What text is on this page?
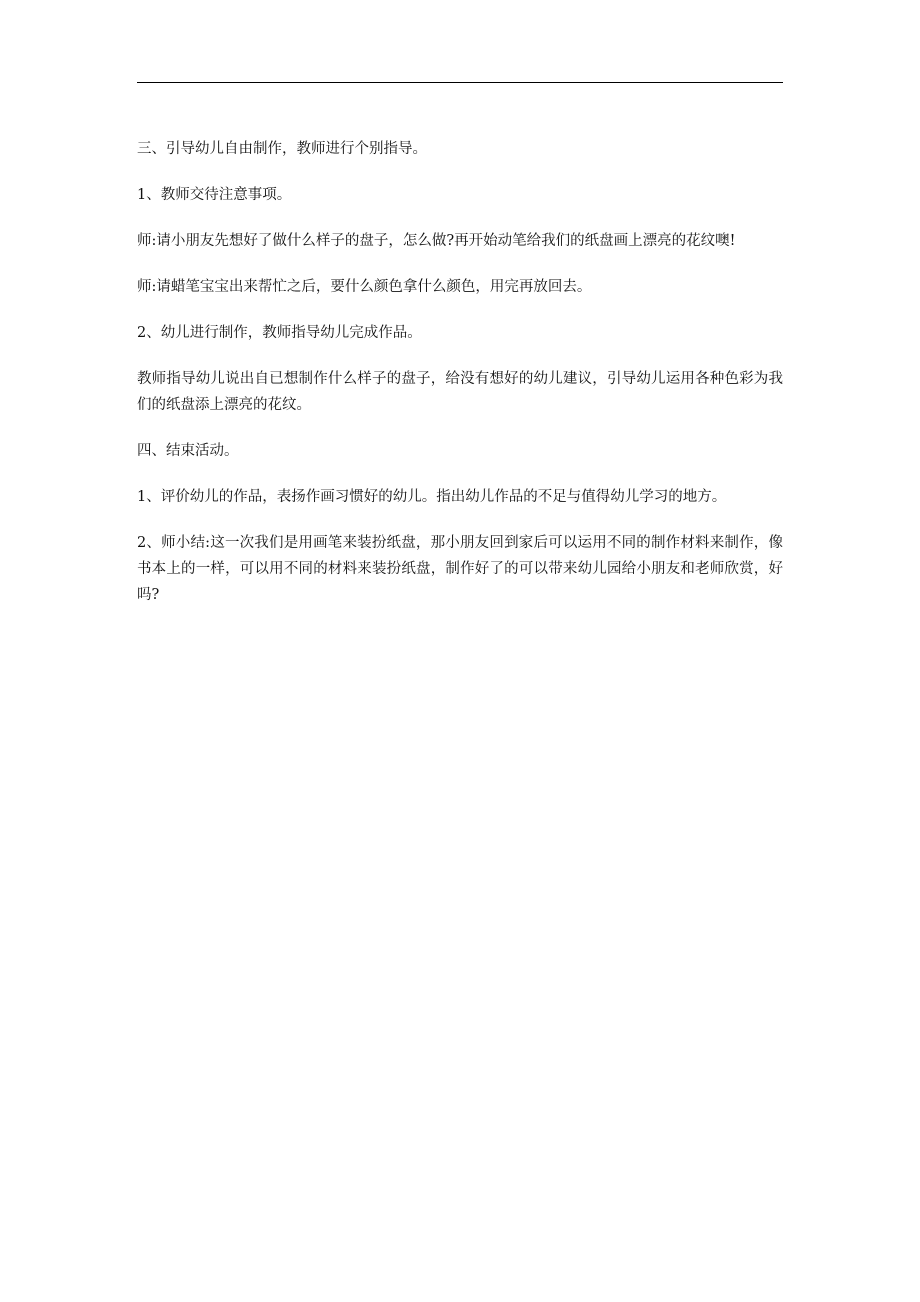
三、引导幼儿自由制作，教师进行个别指导。

1、教师交待注意事项。

师:请小朋友先想好了做什么样子的盘子，怎么做?再开始动笔给我们的纸盘画上漂亮的花纹噢!

师:请蜡笔宝宝出来帮忙之后，要什么颜色拿什么颜色，用完再放回去。

2、幼儿进行制作，教师指导幼儿完成作品。

教师指导幼儿说出自已想制作什么样子的盘子，给没有想好的幼儿建议，引导幼儿运用各种色彩为我们的纸盘添上漂亮的花纹。

四、结束活动。

1、评价幼儿的作品，表扬作画习惯好的幼儿。指出幼儿作品的不足与值得幼儿学习的地方。

2、师小结:这一次我们是用画笔来装扮纸盘，那小朋友回到家后可以运用不同的制作材料来制作，像书本上的一样，可以用不同的材料来装扮纸盘，制作好了的可以带来幼儿园给小朋友和老师欣赏，好吗?
